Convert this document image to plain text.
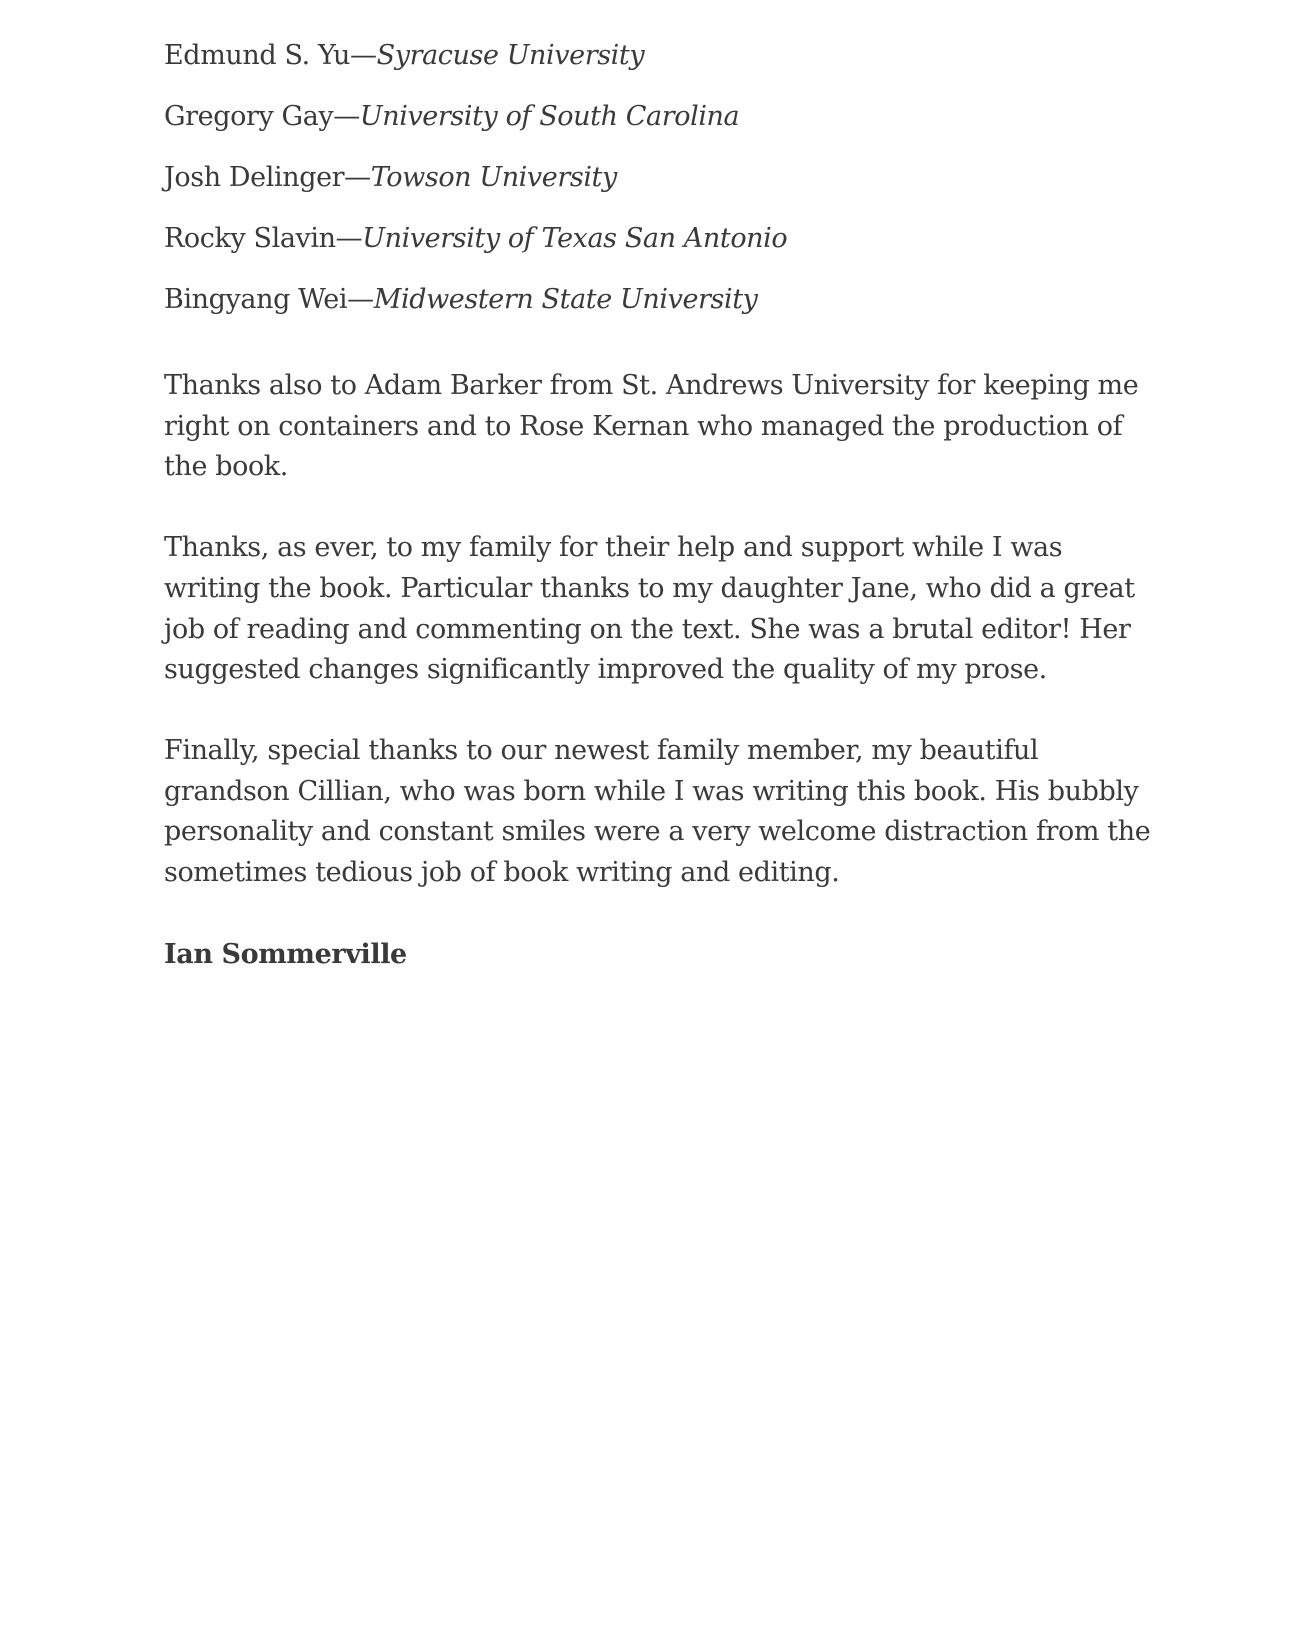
Edmund S. Yu—Syracuse University
Gregory Gay—University of South Carolina
Josh Delinger—Towson University
Rocky Slavin—University of Texas San Antonio
Bingyang Wei—Midwestern State University

Thanks also to Adam Barker from St. Andrews University for keeping me right on containers and to Rose Kernan who managed the production of the book.

Thanks, as ever, to my family for their help and support while I was writing the book. Particular thanks to my daughter Jane, who did a great job of reading and commenting on the text. She was a brutal editor! Her suggested changes significantly improved the quality of my prose.

Finally, special thanks to our newest family member, my beautiful grandson Cillian, who was born while I was writing this book. His bubbly personality and constant smiles were a very welcome distraction from the sometimes tedious job of book writing and editing.

Ian Sommerville
